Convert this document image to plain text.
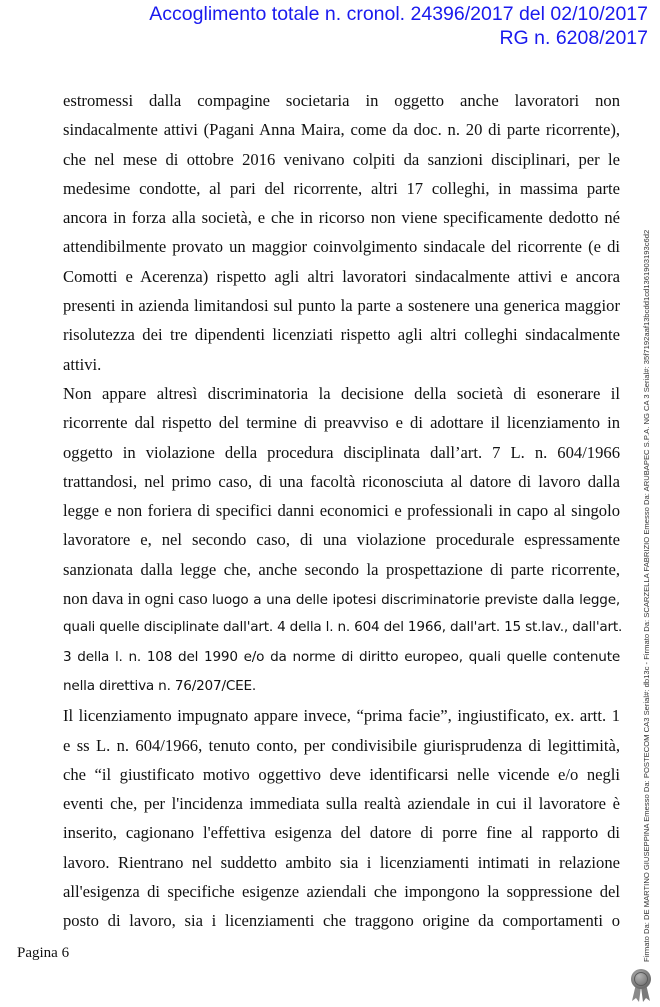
Accoglimento totale n. cronol. 24396/2017 del 02/10/2017
RG n. 6208/2017
estromessi dalla compagine societaria in oggetto anche lavoratori non
sindacalmente attivi (Pagani Anna Maira, come da doc. n. 20 di parte ricorrente),
che nel mese di ottobre 2016 venivano colpiti da sanzioni disciplinari, per le
medesime condotte, al pari del ricorrente, altri 17 colleghi, in massima parte
ancora in forza alla società, e che in ricorso non viene specificamente dedotto né
attendibilmente provato un maggior coinvolgimento sindacale del ricorrente (e di
Comotti e Acerenza) rispetto agli altri lavoratori sindacalmente attivi e ancora
presenti in azienda limitandosi sul punto la parte a sostenere una generica maggior
risolutezza dei tre dipendenti licenziati rispetto agli altri colleghi sindacalmente
attivi.
Non appare altresì discriminatoria la decisione della società di esonerare il
ricorrente dal rispetto del termine di preavviso e di adottare il licenziamento in
oggetto in violazione della procedura disciplinata dall’art. 7 L. n. 604/1966
trattandosi, nel primo caso, di una facoltà riconosciuta al datore di lavoro dalla
legge e non foriera di specifici danni economici e professionali in capo al singolo
lavoratore e, nel secondo caso, di una violazione procedurale espressamente
sanzionata dalla legge che, anche secondo la prospettazione di parte ricorrente,
non dava in ogni caso luogo a una delle ipotesi discriminatorie previste dalla legge,
quali quelle disciplinate dall'art. 4 della l. n. 604 del 1966, dall'art. 15 st.lav., dall'art.
3 della l. n. 108 del 1990 e/o da norme di diritto europeo, quali quelle contenute
nella direttiva n. 76/207/CEE.
Il licenziamento impugnato appare invece, “prima facie”, ingiustificato, ex. artt. 1
e ss L. n. 604/1966, tenuto conto, per condivisibile giurisprudenza di legittimità,
che “il giustificato motivo oggettivo deve identificarsi nelle vicende e/o negli
eventi che, per l'incidenza immediata sulla realtà aziendale in cui il lavoratore è
inserito, cagionano l'effettiva esigenza del datore di porre fine al rapporto di
lavoro. Rientrano nel suddetto ambito sia i licenziamenti intimati in relazione
all'esigenza di specifiche esigenze aziendali che impongono la soppressione del
posto di lavoro, sia i licenziamenti che traggono origine da comportamenti o
Pagina 6	Firmato Da: DE MARTINO GIUSEPPINA Emesso Da: POSTECOM CA3 Serial#: db13c - Firmato Da: SCARZELLA FABRIZIO Emesso Da: ARUBAPEC S.P.A. NG CA 3 Serial#: 35f7192aaf13bcdd1cd1361903193c6d2
